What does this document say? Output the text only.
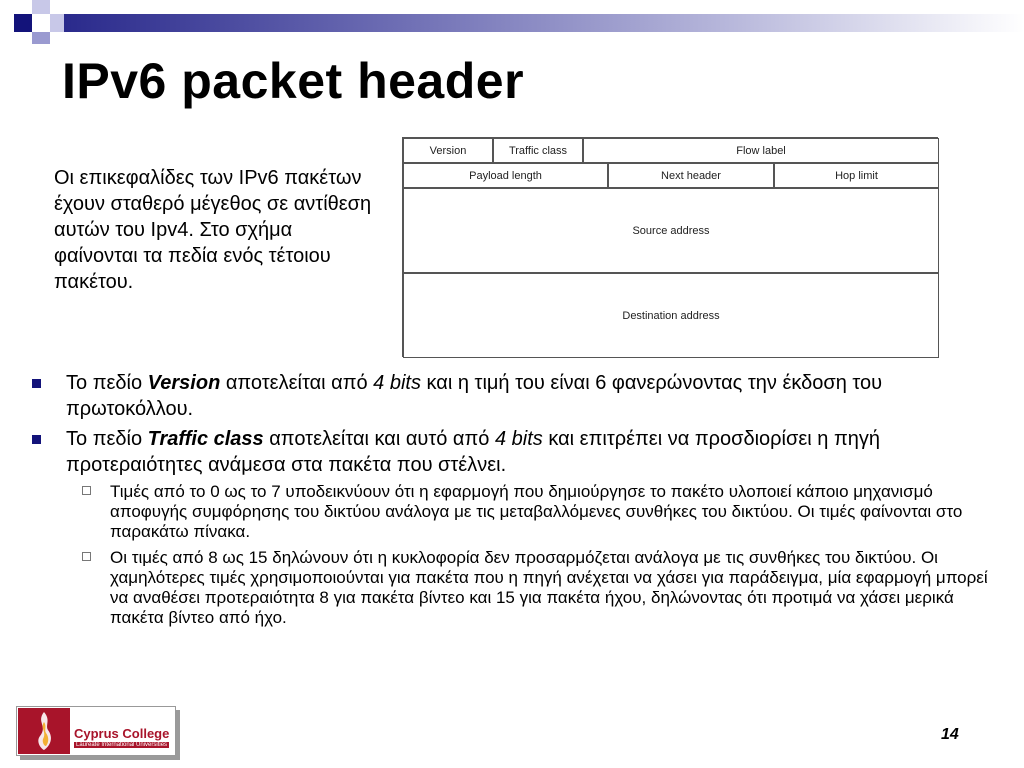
IPv6 packet header
Οι επικεφαλίδες των IPv6 πακέτων έχουν σταθερό μέγεθος σε αντίθεση αυτών του Ipv4. Στο σχήμα φαίνονται τα πεδία ενός τέτοιου πακέτου.
Version	Traffic class	Flow label
Payload length	Next header	Hop limit
Source address
Destination address
Το πεδίο Version αποτελείται από 4 bits και η τιμή του είναι 6 φανερώνοντας την έκδοση του πρωτοκόλλου.
Το πεδίο Traffic class αποτελείται και αυτό από 4 bits και επιτρέπει να προσδιορίσει η πηγή προτεραιότητες ανάμεσα στα πακέτα που στέλνει.
Τιμές από το 0 ως το 7 υποδεικνύουν ότι η εφαρμογή που δημιούργησε το πακέτο υλοποιεί κάποιο μηχανισμό αποφυγής συμφόρησης του δικτύου ανάλογα με τις μεταβαλλόμενες συνθήκες του δικτύου. Οι τιμές φαίνονται στο παρακάτω πίνακα.
Οι τιμές από 8 ως 15 δηλώνουν ότι η κυκλοφορία δεν προσαρμόζεται ανάλογα με τις συνθήκες του δικτύου. Οι χαμηλότερες τιμές χρησιμοποιούνται για πακέτα που η πηγή ανέχεται να χάσει για παράδειγμα, μία εφαρμογή μπορεί να αναθέσει προτεραιότητα 8 για πακέτα βίντεο και 15 για πακέτα ήχου, δηλώνοντας ότι προτιμά να χάσει μερικά πακέτα βίντεο από ήχο.
Cyprus College
Laureate International Universities
14
